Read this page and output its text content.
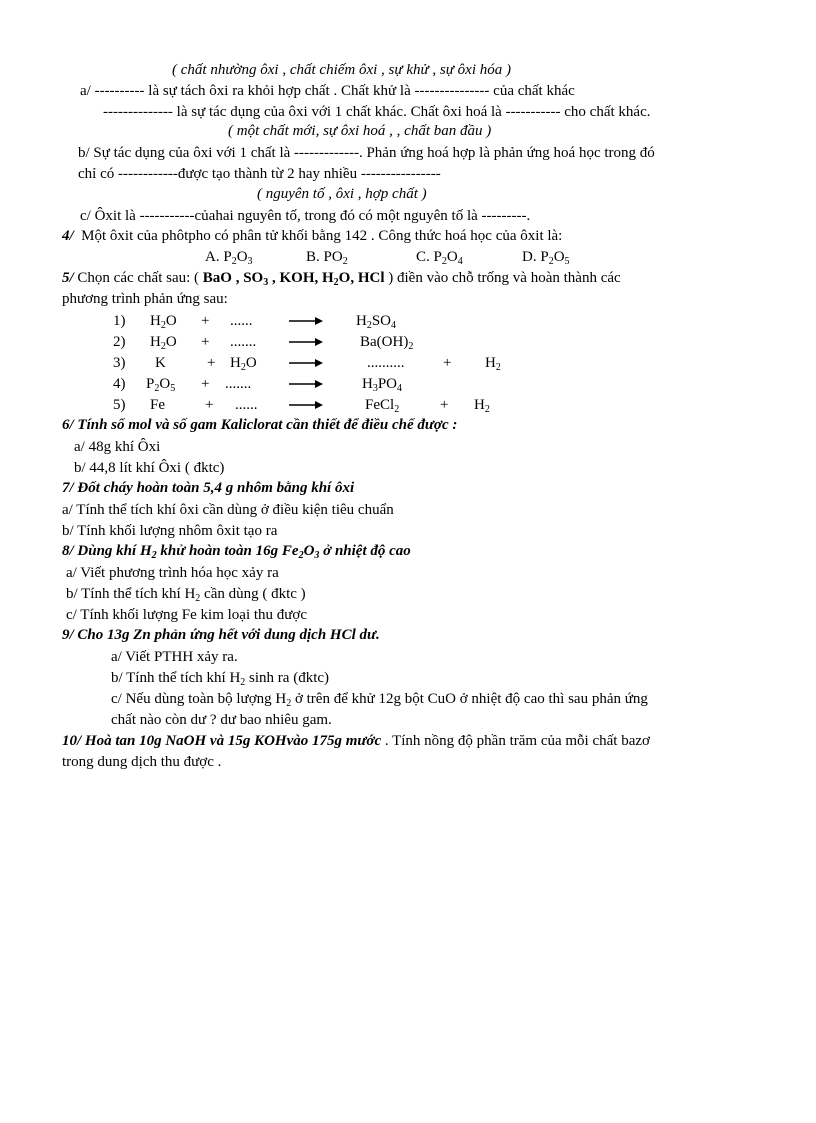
( chất nhường ôxi , chất chiếm ôxi , sự khử , sự ôxi hóa )
a/ ---------- là sự tách ôxi ra khỏi hợp chất . Chất khử là --------------- của chất khác
-------------- là sự tác dụng của ôxi với 1 chất khác. Chất ôxi hoá là ----------- cho chất khác.
( một chất mới, sự ôxi hoá , , chất ban đầu )
b/ Sự tác dụng của ôxi với 1 chất là -------------. Phản ứng hoá hợp là phản ứng hoá học trong đó
chỉ có ------------được tạo thành từ 2 hay nhiều ----------------
( nguyên tố , ôxi , hợp chất )
c/ Ôxit là -----------củahai nguyên tố, trong đó có một nguyên tố là ---------.
4/ Một ôxit của phôtpho có phân tử khối bằng 142 . Công thức hoá học của ôxit là:
A. $P_2O_3$	B. $PO_2$	C. $P_2O_4$	D. $P_2O_5$
5/ Chọn các chất sau: ( BaO , $SO_3$ , KOH, $H_2O$, HCl ) điền vào chỗ trống và hoàn thành các
phương trình phản ứng sau:
1) $H_2O$ + ......	$H_2SO_4$
2) $H_2O$ + .......	$Ba(OH)_2$
3) K	+ $H_2O$	..........	+ $H_2$
4) $P_2O_5$ + .......	$H_3PO_4$
5) Fe	+ ......	FeCl$_2$	+ $H_2$
6/ Tính số mol và số gam Kaliclorat cần thiết để điều chế được :
a/ 48g khí Ôxi
b/ 44,8 lít khí Ôxi ( đktc)
7/ Đốt cháy hoàn toàn 5,4 g nhôm bằng khí ôxi
a/ Tính thể tích khí ôxi cần dùng ở điều kiện tiêu chuẩn
b/ Tính khối lượng nhôm ôxit tạo ra
8/ Dùng khí $H_2$ khử hoàn toàn 16g $Fe_2O_3$ ở nhiệt độ cao
a/ Viết phương trình hóa học xảy ra
b/ Tính thể tích khí $H_2$ cần dùng ( đktc )
c/ Tính khối lượng Fe kim loại thu được
9/ Cho 13g Zn phản ứng hết với dung dịch HCl dư.
a/ Viết PTHH xảy ra.
b/ Tính thể tích khí $H_2$ sinh ra (đktc)
c/ Nếu dùng toàn bộ lượng $H_2$ ở trên để khử 12g bột CuO ở nhiệt độ cao thì sau phản ứng
chất nào còn dư ? dư bao nhiêu gam.
10/ Hoà tan 10g NaOH và 15g KOHvào 175g mước . Tính nồng độ phần trăm của mỗi chất bazơ
trong dung dịch thu được .
